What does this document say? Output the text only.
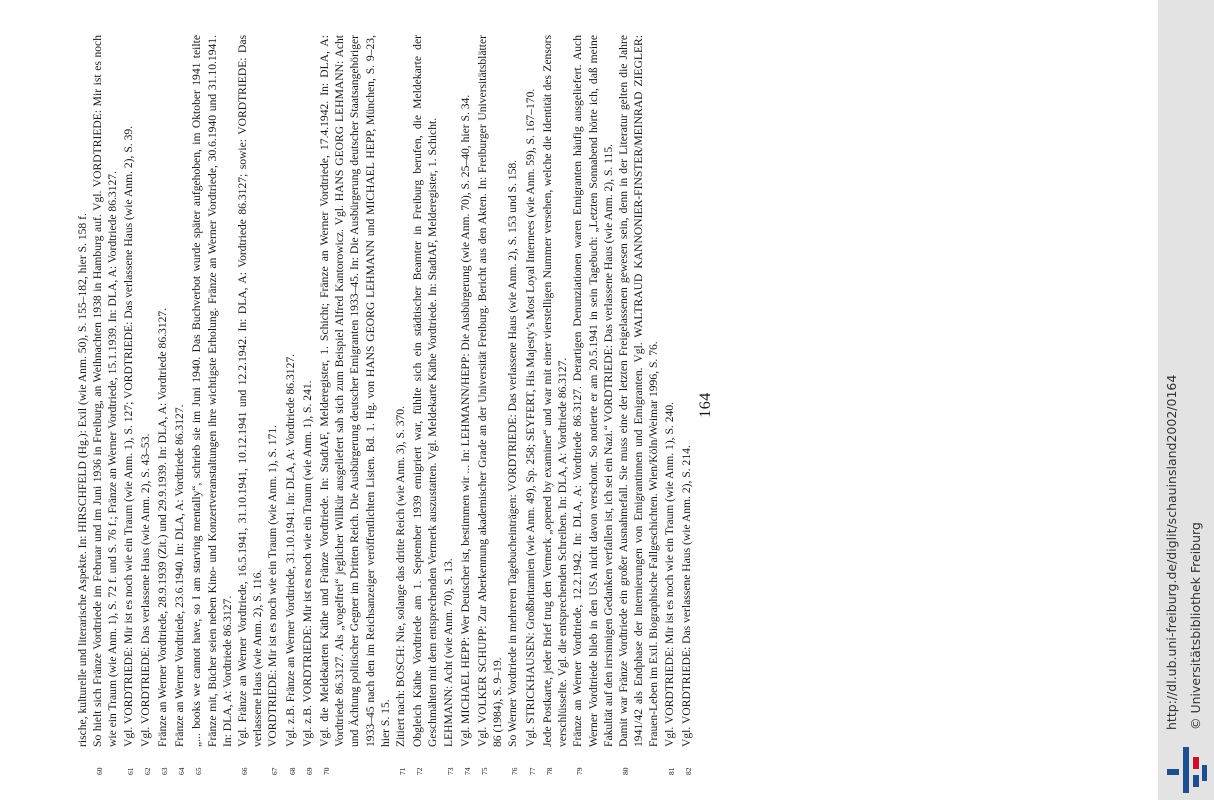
rische, kulturelle und literarische Aspekte. In: HIRSCHFELD (Hg.): Exil (wie Anm. 50), S. 155–182, hier S. 158 f.
60
So hielt sich Fränze Vordtriede im Februar und im Juni 1936 in Freiburg, an Weihnachten 1938 in Hamburg auf. Vgl. VORDTRIEDE: Mir ist es noch wie ein Traum (wie Anm. 1), S. 72 f. und S. 76 f.; Fränze an Werner Vordtriede, 15.1.1939. In: DLA, A: Vordtriede 86.3127.
61
Vgl. VORDTRIEDE: Mir ist es noch wie ein Traum (wie Anm. 1), S. 127; VORDTRIEDE: Das verlassene Haus (wie Anm. 2), S. 39.
62
Vgl. VORDTRIEDE: Das verlassene Haus (wie Anm. 2), S. 43–53.
63
Fränze an Werner Vordtriede, 28.9.1939 (Zit.) und 29.9.1939. In: DLA, A: Vordtriede 86.3127.
64
Fränze an Werner Vordtriede, 23.6.1940. In: DLA, A: Vordtriede 86.3127.
65
„... books we cannot have, so I am starving mentally“, schrieb sie im Juni 1940. Das Buchverbot wurde später aufgehoben, im Oktober 1941 teilte Fränze mit, Bücher seien neben Kino- und Konzertveranstaltungen ihre wichtigste Erholung. Fränze an Werner Vordtriede, 30.6.1940 und 31.10.1941. In: DLA, A: Vordtriede 86.3127.
66
Vgl. Fränze an Werner Vordtriede, 16.5.1941, 31.10.1941, 10.12.1941 und 12.2.1942. In: DLA, A: Vordtriede 86.3127; sowie: VORDTRIEDE: Das verlassene Haus (wie Anm. 2), S. 116.
67
VORDTRIEDE: Mir ist es noch wie ein Traum (wie Anm. 1), S. 171.
68
Vgl. z.B. Fränze an Werner Vordtriede, 31.10.1941. In: DLA, A: Vordtriede 86.3127.
69
Vgl. z.B. VORDTRIEDE: Mir ist es noch wie ein Traum (wie Anm. 1), S. 241.
70
Vgl. die Meldekarten Käthe und Fränze Vordtriede. In: StadtAF, Melderegister, 1. Schicht; Fränze an Werner Vordtriede, 17.4.1942. In: DLA, A: Vordtriede 86.3127. Als „vogelfrei“ jeglicher Willkür ausgeliefert sah sich zum Beispiel Alfred Kantorowicz. Vgl. HANS GEORG LEHMANN: Acht und Ächtung politischer Gegner im Dritten Reich. Die Ausbürgerung deutscher Emigranten 1933–45. In: Die Ausbürgerung deutscher Staatsangehöriger 1933–45 nach den im Reichsanzeiger veröffentlichten Listen. Bd. 1. Hg. von HANS GEORG LEHMANN und MICHAEL HEPP, München, S. 9–23, hier S. 15.
71
Zitiert nach: BOSCH: Nie, solange das dritte Reich (wie Anm. 3), S. 370.
72
Obgleich Käthe Vordtriede am 1. September 1939 emigriert war, fühlte sich ein städtischer Beamter in Freiburg berufen, die Meldekarte der Geschmähten mit dem entsprechenden Vermerk auszustatten. Vgl. Meldekarte Käthe Vordtriede. In: StadtAF, Melderegister, 1. Schicht.
73
LEHMANN: Acht (wie Anm. 70), S. 13.
74
Vgl. MICHAEL HEPP: Wer Deutscher ist, bestimmen wir ... In: LEHMANN/HEPP: Die Ausbürgerung (wie Anm. 70), S. 25–40, hier S. 34.
75
Vgl. VOLKER SCHUPP: Zur Aberkennung akademischer Grade an der Universität Freiburg. Bericht aus den Akten. In: Freiburger Universitätsblätter 86 (1984), S. 9–19.
76
So Werner Vordtriede in mehreren Tagebucheinträgen: VORDTRIEDE: Das verlassene Haus (wie Anm. 2), S. 153 und S. 158.
77
Vgl. STRICKHAUSEN: Großbritannien (wie Anm. 49), Sp. 258; SEYFERT, His Majesty’s Most Loyal Internees (wie Anm. 59), S. 167–170.
78
Jede Postkarte, jeder Brief trug den Vermerk „opened by examiner“ und war mit einer vierstelligen Nummer versehen, welche die Identität des Zensors verschlüsselte. Vgl. die entsprechenden Schreiben. In: DLA, A: Vordtriede 86.3127.
79
Fränze an Werner Vordtriede, 12.2.1942. In: DLA, A: Vordtriede 86.3127. Derartigen Denunziationen waren Emigranten häufig ausgeliefert. Auch Werner Vordtriede blieb in den USA nicht davon verschont. So notierte er am 20.5.1941 in sein Tagebuch: „Letzten Sonnabend hörte ich, daß meine Fakultät auf den irrsinnigen Gedanken verfallen ist, ich sei ein Nazi.“ VORDTRIEDE: Das verlassene Haus (wie Anm. 2), S. 115.
80
Damit war Fränze Vordtriede ein großer Ausnahmefall. Sie muss eine der letzten Freigelassenen gewesen sein, denn in der Literatur gelten die Jahre 1941/42 als Endphase der Internierungen von Emigrantinnen und Emigranten. Vgl. WALTRAUD KANNONIER-FINSTER/MEINRAD ZIEGLER: Frauen-Leben im Exil. Biographische Fallgeschichten. Wien/Köln/Weimar 1996, S. 76.
81
Vgl. VORDTRIEDE: Mir ist es noch wie ein Traum (wie Anm. 1), S. 240.
82
Vgl. VORDTRIEDE: Das verlassene Haus (wie Anm. 2), S. 214.
164	http://dl.ub.uni-freiburg.de/diglit/schauinsland2002/0164 © Universitätsbibliothek Freiburg
